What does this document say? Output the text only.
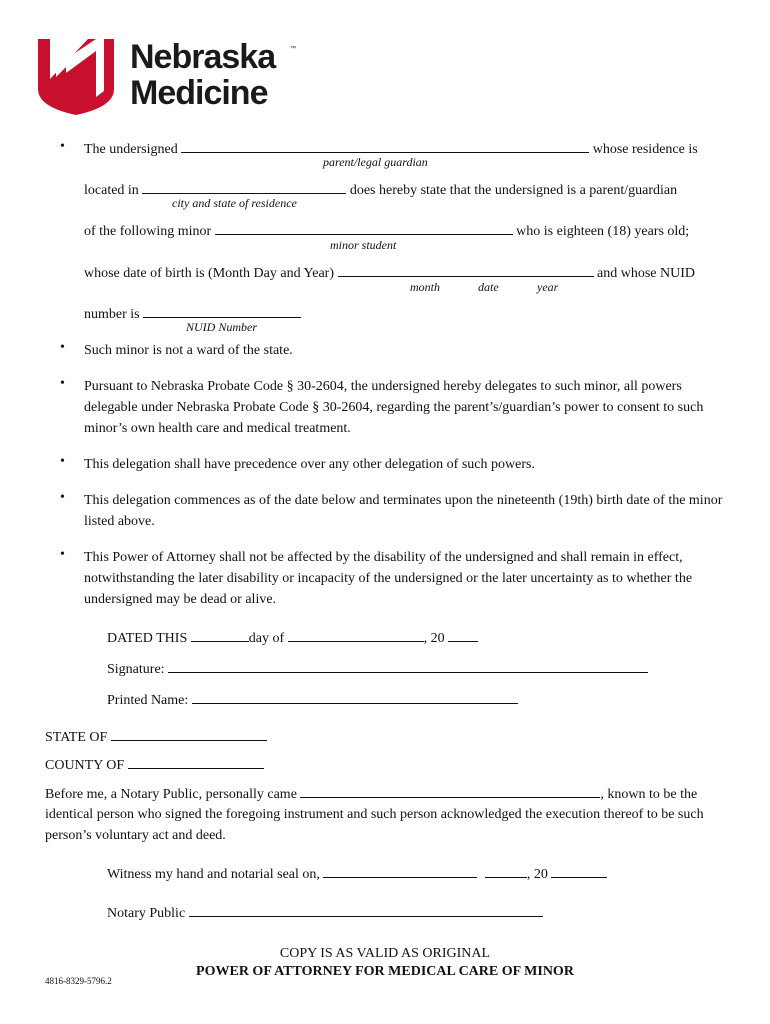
Nebraska
Medicine
™
• The undersigned	whose residence is
parent/legal guardian
located in	does hereby state that the undersigned is a parent/guardian
city and state of residence
of the following minor	who is eighteen (18) years old;
minor student
whose date of birth is (Month Day and Year)	and whose NUID
month	date	year
number is
NUID Number
• Such minor is not a ward of the state.
• Pursuant to Nebraska Probate Code § 30-2604, the undersigned hereby delegates to such minor, all powers delegable under Nebraska Probate Code § 30-2604, regarding the parent’s/guardian’s power to consent to such minor’s own health care and medical treatment.
• This delegation shall have precedence over any other delegation of such powers.
• This delegation commences as of the date below and terminates upon the nineteenth (19th) birth date of the minor listed above.
• This Power of Attorney shall not be affected by the disability of the undersigned and shall remain in effect, notwithstanding the later disability or incapacity of the undersigned or the later uncertainty as to whether the undersigned may be dead or alive.
DATED THIS	day of	, 20
Signature:
Printed Name:
STATE OF
COUNTY OF
Before me, a Notary Public, personally came	, known to be the
identical person who signed the foregoing instrument and such person acknowledged the execution thereof to be such person’s voluntary act and deed.
Witness my hand and notarial seal on,	, 20
Notary Public
COPY IS AS VALID AS ORIGINAL
POWER OF ATTORNEY FOR MEDICAL CARE OF MINOR
4816-8329-5796.2
